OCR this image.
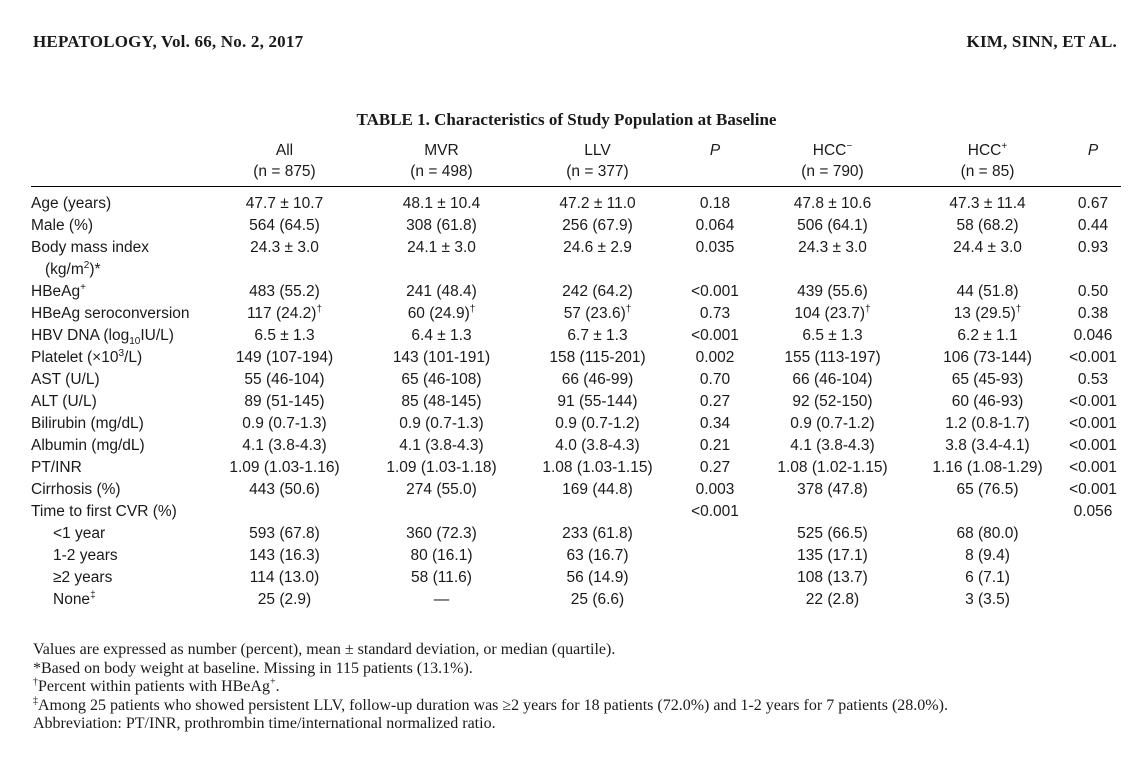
HEPATOLOGY, Vol. 66, No. 2, 2017	KIM, SINN, ET AL.
TABLE 1. Characteristics of Study Population at Baseline
	All	MVR	LLV	P	HCC−	HCC+	P
	(n = 875)	(n = 498)	(n = 377)		(n = 790)	(n = 85)	
Age (years)	47.7 ± 10.7	48.1 ± 10.4	47.2 ± 11.0	0.18	47.8 ± 10.6	47.3 ± 11.4	0.67
Male (%)	564 (64.5)	308 (61.8)	256 (67.9)	0.064	506 (64.1)	58 (68.2)	0.44
Body mass index
$(kg/m^2)*$	24.3 ± 3.0	24.1 ± 3.0	24.6 ± 2.9	0.035	24.3 ± 3.0	24.4 ± 3.0	0.93
HBeAg+	483 (55.2)	241 (48.4)	242 (64.2)	<0.001	439 (55.6)	44 (51.8)	0.50
HBeAg seroconversion	117 (24.2)†	60 (24.9)†	57 (23.6)†	0.73	104 (23.7)†	13 (29.5)†	0.38
HBV DNA $(\log_{10}IU/L)$	6.5 ± 1.3	6.4 ± 1.3	6.7 ± 1.3	<0.001	6.5 ± 1.3	6.2 ± 1.1	0.046
Platelet $(\times 10^3/L)$	149 (107-194)	143 (101-191)	158 (115-201)	0.002	155 (113-197)	106 (73-144)	<0.001
AST (U/L)	55 (46-104)	65 (46-108)	66 (46-99)	0.70	66 (46-104)	65 (45-93)	0.53
ALT (U/L)	89 (51-145)	85 (48-145)	91 (55-144)	0.27	92 (52-150)	60 (46-93)	<0.001
Bilirubin (mg/dL)	0.9 (0.7-1.3)	0.9 (0.7-1.3)	0.9 (0.7-1.2)	0.34	0.9 (0.7-1.2)	1.2 (0.8-1.7)	<0.001
Albumin (mg/dL)	4.1 (3.8-4.3)	4.1 (3.8-4.3)	4.0 (3.8-4.3)	0.21	4.1 (3.8-4.3)	3.8 (3.4-4.1)	<0.001
PT/INR	1.09 (1.03-1.16)	1.09 (1.03-1.18)	1.08 (1.03-1.15)	0.27	1.08 (1.02-1.15)	1.16 (1.08-1.29)	<0.001
Cirrhosis (%)	443 (50.6)	274 (55.0)	169 (44.8)	0.003	378 (47.8)	65 (76.5)	<0.001
Time to first CVR (%)				<0.001			0.056
<1 year	593 (67.8)	360 (72.3)	233 (61.8)		525 (66.5)	68 (80.0)	
1-2 years	143 (16.3)	80 (16.1)	63 (16.7)		135 (17.1)	8 (9.4)	
≥2 years	114 (13.0)	58 (11.6)	56 (14.9)		108 (13.7)	6 (7.1)	
None‡	25 (2.9)	—	25 (6.6)		22 (2.8)	3 (3.5)	
Values are expressed as number (percent), mean ± standard deviation, or median (quartile).
*Based on body weight at baseline. Missing in 115 patients (13.1%).
†Percent within patients with HBeAg+.
‡Among 25 patients who showed persistent LLV, follow-up duration was ≥2 years for 18 patients (72.0%) and 1-2 years for 7 patients (28.0%).
Abbreviation: PT/INR, prothrombin time/international normalized ratio.
